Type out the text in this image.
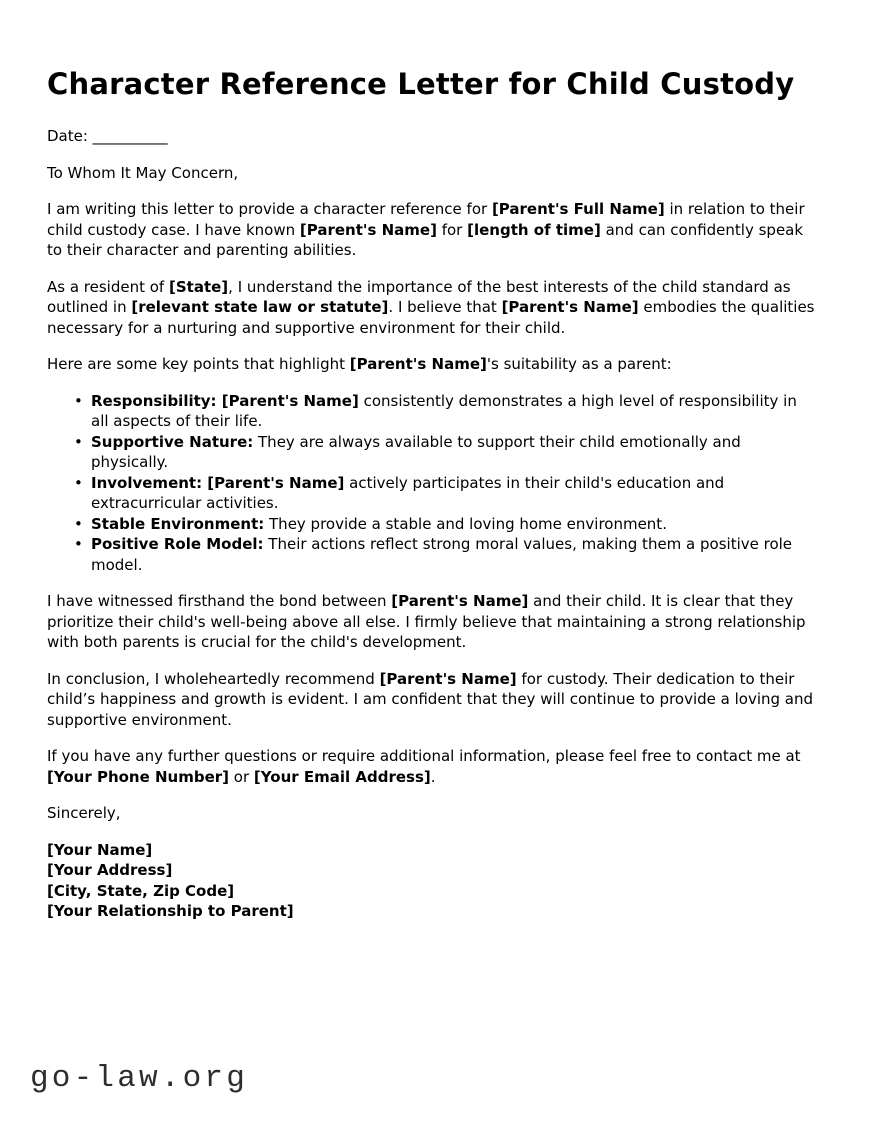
Character Reference Letter for Child Custody

Date: __________

To Whom It May Concern,

I am writing this letter to provide a character reference for [Parent's Full Name] in relation to their child custody case. I have known [Parent's Name] for [length of time] and can confidently speak to their character and parenting abilities.

As a resident of [State], I understand the importance of the best interests of the child standard as outlined in [relevant state law or statute]. I believe that [Parent's Name] embodies the qualities necessary for a nurturing and supportive environment for their child.

Here are some key points that highlight [Parent's Name]'s suitability as a parent:

• Responsibility: [Parent's Name] consistently demonstrates a high level of responsibility in all aspects of their life.
• Supportive Nature: They are always available to support their child emotionally and physically.
• Involvement: [Parent's Name] actively participates in their child's education and extracurricular activities.
• Stable Environment: They provide a stable and loving home environment.
• Positive Role Model: Their actions reflect strong moral values, making them a positive role model.

I have witnessed firsthand the bond between [Parent's Name] and their child. It is clear that they prioritize their child's well-being above all else. I firmly believe that maintaining a strong relationship with both parents is crucial for the child's development.

In conclusion, I wholeheartedly recommend [Parent's Name] for custody. Their dedication to their child’s happiness and growth is evident. I am confident that they will continue to provide a loving and supportive environment.

If you have any further questions or require additional information, please feel free to contact me at [Your Phone Number] or [Your Email Address].

Sincerely,

[Your Name]
[Your Address]
[City, State, Zip Code]
[Your Relationship to Parent]
go-law.org
